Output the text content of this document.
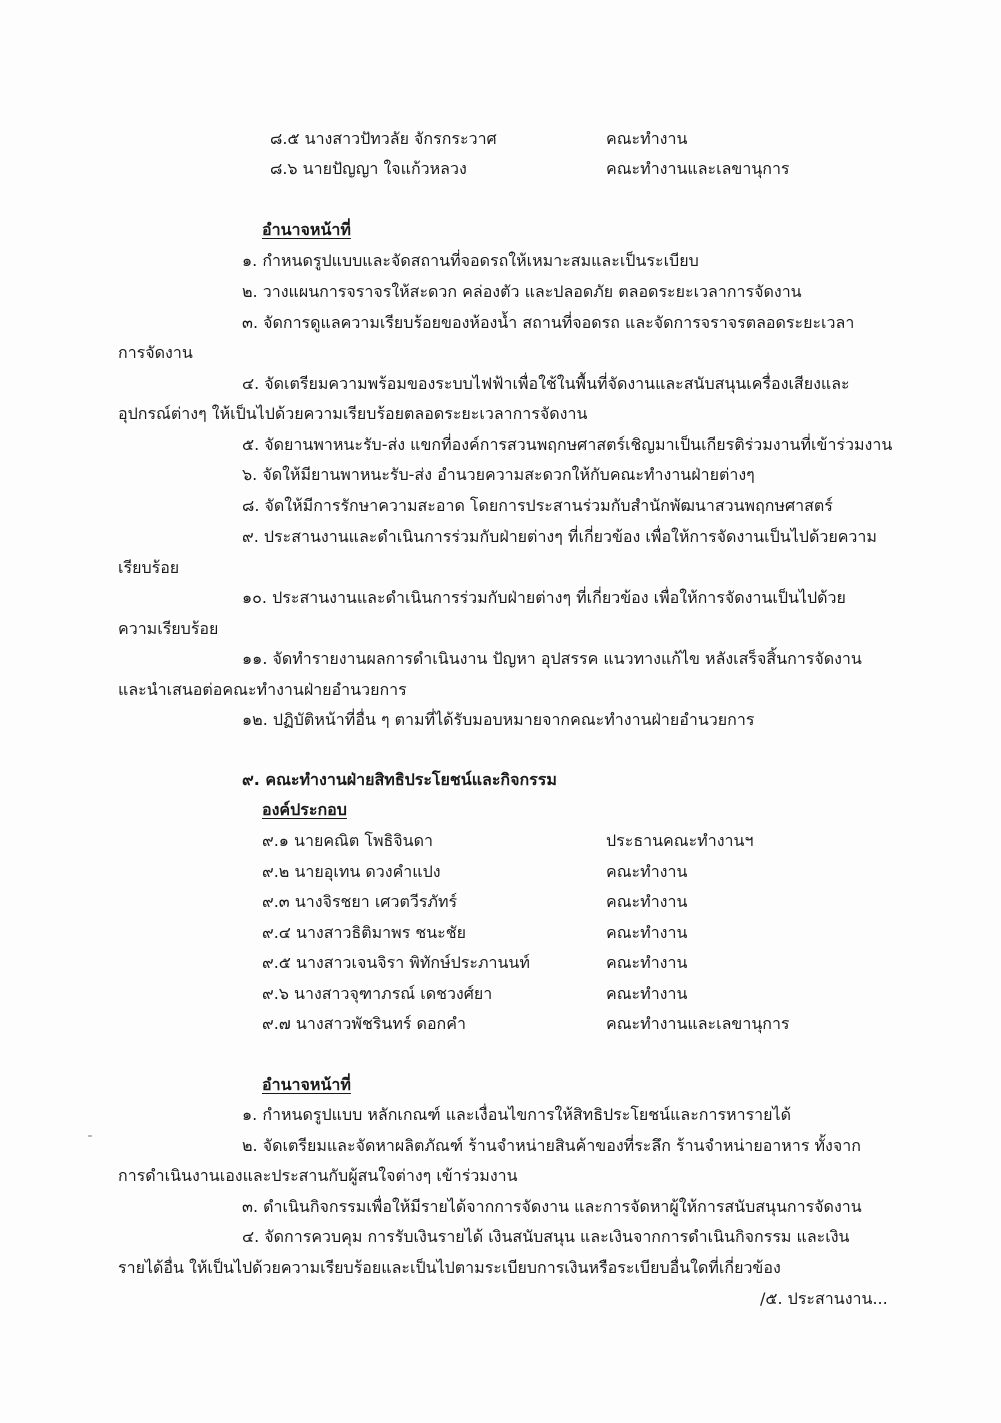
๘.๕ นางสาวปัทวลัย จักรกระวาศ	คณะทำงาน
๘.๖ นายปัญญา ใจแก้วหลวง	คณะทำงานและเลขานุการ
อำนาจหน้าที่
๑. กำหนดรูปแบบและจัดสถานที่จอดรถให้เหมาะสมและเป็นระเบียบ
๒. วางแผนการจราจรให้สะดวก คล่องตัว และปลอดภัย ตลอดระยะเวลาการจัดงาน
๓. จัดการดูแลความเรียบร้อยของห้องน้ำ สถานที่จอดรถ และจัดการจราจรตลอดระยะเวลา
การจัดงาน
๔. จัดเตรียมความพร้อมของระบบไฟฟ้าเพื่อใช้ในพื้นที่จัดงานและสนับสนุนเครื่องเสียงและ
อุปกรณ์ต่างๆ ให้เป็นไปด้วยความเรียบร้อยตลอดระยะเวลาการจัดงาน
๕. จัดยานพาหนะรับ-ส่ง แขกที่องค์การสวนพฤกษศาสตร์เชิญมาเป็นเกียรติร่วมงานที่เข้าร่วมงาน
๖. จัดให้มียานพาหนะรับ-ส่ง อำนวยความสะดวกให้กับคณะทำงานฝ่ายต่างๆ
๘. จัดให้มีการรักษาความสะอาด โดยการประสานร่วมกับสำนักพัฒนาสวนพฤกษศาสตร์
๙. ประสานงานและดำเนินการร่วมกับฝ่ายต่างๆ ที่เกี่ยวข้อง เพื่อให้การจัดงานเป็นไปด้วยความ
เรียบร้อย
๑๐. ประสานงานและดำเนินการร่วมกับฝ่ายต่างๆ ที่เกี่ยวข้อง เพื่อให้การจัดงานเป็นไปด้วย
ความเรียบร้อย
๑๑. จัดทำรายงานผลการดำเนินงาน ปัญหา อุปสรรค แนวทางแก้ไข หลังเสร็จสิ้นการจัดงาน
และนำเสนอต่อคณะทำงานฝ่ายอำนวยการ
๑๒. ปฏิบัติหน้าที่อื่น ๆ ตามที่ได้รับมอบหมายจากคณะทำงานฝ่ายอำนวยการ
๙. คณะทำงานฝ่ายสิทธิประโยชน์และกิจกรรม
องค์ประกอบ
๙.๑ นายคณิต โพธิจินดา	ประธานคณะทำงานฯ
๙.๒ นายอุเทน ดวงคำแปง	คณะทำงาน
๙.๓ นางจิรชยา เศวตวีรภัทร์	คณะทำงาน
๙.๔ นางสาวธิติมาพร ชนะชัย	คณะทำงาน
๙.๕ นางสาวเจนจิรา พิทักษ์ประภานนท์	คณะทำงาน
๙.๖ นางสาวจุฑาภรณ์ เดชวงศ์ยา	คณะทำงาน
๙.๗ นางสาวพัชรินทร์ ดอกคำ	คณะทำงานและเลขานุการ
อำนาจหน้าที่
๑. กำหนดรูปแบบ หลักเกณฑ์ และเงื่อนไขการให้สิทธิประโยชน์และการหารายได้
๒. จัดเตรียมและจัดหาผลิตภัณฑ์ ร้านจำหน่ายสินค้าของที่ระลึก ร้านจำหน่ายอาหาร ทั้งจาก
การดำเนินงานเองและประสานกับผู้สนใจต่างๆ เข้าร่วมงาน
๓. ดำเนินกิจกรรมเพื่อให้มีรายได้จากการจัดงาน และการจัดหาผู้ให้การสนับสนุนการจัดงาน
๔. จัดการควบคุม การรับเงินรายได้ เงินสนับสนุน และเงินจากการดำเนินกิจกรรม และเงิน
รายได้อื่น ให้เป็นไปด้วยความเรียบร้อยและเป็นไปตามระเบียบการเงินหรือระเบียบอื่นใดที่เกี่ยวข้อง
/๕. ประสานงาน...
